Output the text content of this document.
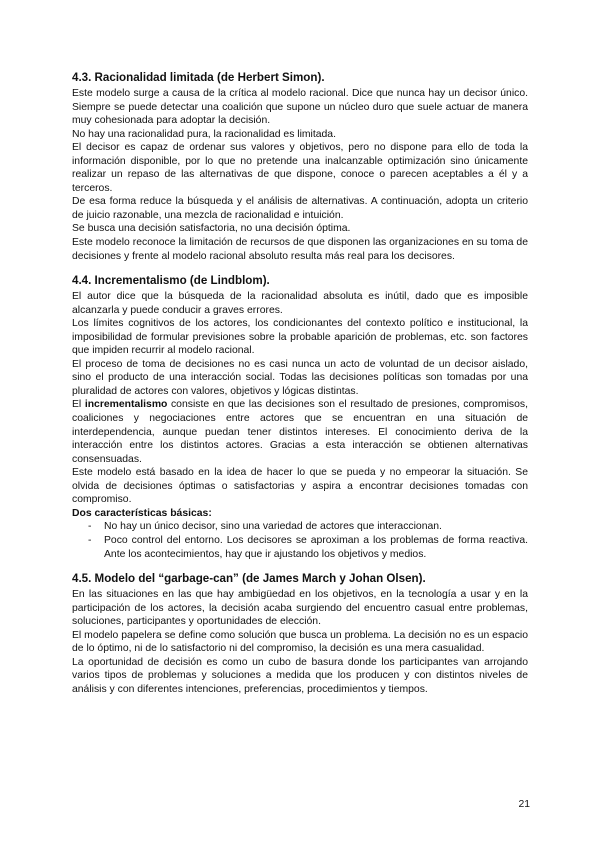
4.3. Racionalidad limitada (de Herbert Simon).

Este modelo surge a causa de la crítica al modelo racional. Dice que nunca hay un decisor único. Siempre se puede detectar una coalición que supone un núcleo duro que suele actuar de manera muy cohesionada para adoptar la decisión.

No hay una racionalidad pura, la racionalidad es limitada.

El decisor es capaz de ordenar sus valores y objetivos, pero no dispone para ello de toda la información disponible, por lo que no pretende una inalcanzable optimización sino únicamente realizar un repaso de las alternativas de que dispone, conoce o parecen aceptables a él y a terceros.

De esa forma reduce la búsqueda y el análisis de alternativas. A continuación, adopta un criterio de juicio razonable, una mezcla de racionalidad e intuición.

Se busca una decisión satisfactoria, no una decisión óptima.

Este modelo reconoce la limitación de recursos de que disponen las organizaciones en su toma de decisiones y frente al modelo racional absoluto resulta más real para los decisores.

4.4. Incrementalismo (de Lindblom).

El autor dice que la búsqueda de la racionalidad absoluta es inútil, dado que es imposible alcanzarla y puede conducir a graves errores.

Los límites cognitivos de los actores, los condicionantes del contexto político e institucional, la imposibilidad de formular previsiones sobre la probable aparición de problemas, etc. son factores que impiden recurrir al modelo racional.

El proceso de toma de decisiones no es casi nunca un acto de voluntad de un decisor aislado, sino el producto de una interacción social. Todas las decisiones políticas son tomadas por una pluralidad de actores con valores, objetivos y lógicas distintas.

El incrementalismo consiste en que las decisiones son el resultado de presiones, compromisos, coaliciones y negociaciones entre actores que se encuentran en una situación de interdependencia, aunque puedan tener distintos intereses. El conocimiento deriva de la interacción entre los distintos actores. Gracias a esta interacción se obtienen alternativas consensuadas.

Este modelo está basado en la idea de hacer lo que se pueda y no empeorar la situación. Se olvida de decisiones óptimas o satisfactorias y aspira a encontrar decisiones tomadas con compromiso.

Dos características básicas:

- No hay un único decisor, sino una variedad de actores que interaccionan.
- Poco control del entorno. Los decisores se aproximan a los problemas de forma reactiva. Ante los acontecimientos, hay que ir ajustando los objetivos y medios.
4.5. Modelo del “garbage-can” (de James March y Johan Olsen).

En las situaciones en las que hay ambigüedad en los objetivos, en la tecnología a usar y en la participación de los actores, la decisión acaba surgiendo del encuentro casual entre problemas, soluciones, participantes y oportunidades de elección.

El modelo papelera se define como solución que busca un problema. La decisión no es un espacio de lo óptimo, ni de lo satisfactorio ni del compromiso, la decisión es una mera casualidad.

La oportunidad de decisión es como un cubo de basura donde los participantes van arrojando varios tipos de problemas y soluciones a medida que los producen y con distintos niveles de análisis y con diferentes intenciones, preferencias, procedimientos y tiempos.

21
